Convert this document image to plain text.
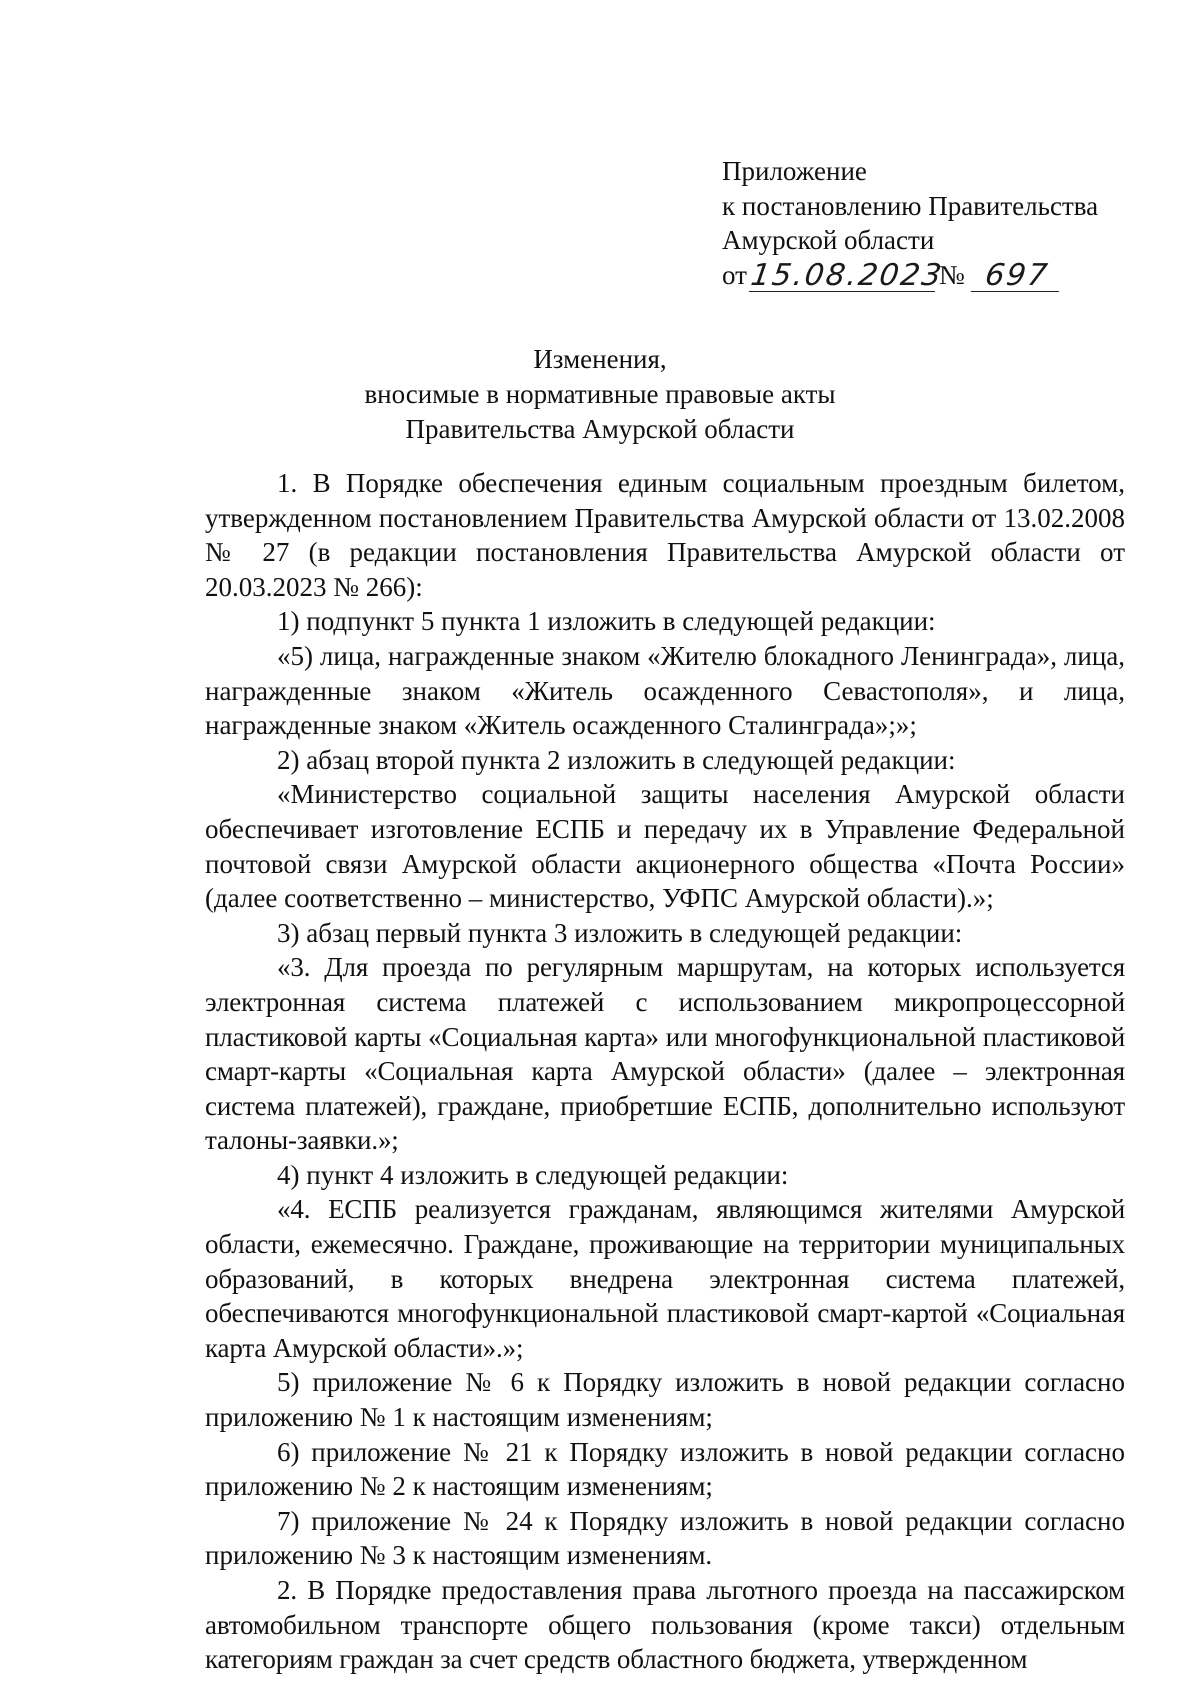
Приложение
к постановлению Правительства
Амурской области
от 15.08.2023
№ 697
Изменения,
вносимые в нормативные правовые акты
Правительства Амурской области

1. В Порядке обеспечения единым социальным проездным билетом, утвержденном постановлением Правительства Амурской области от 13.02.2008 № 27 (в редакции постановления Правительства Амурской области от 20.03.2023 № 266):

1) подпункт 5 пункта 1 изложить в следующей редакции:

«5) лица, награжденные знаком «Жителю блокадного Ленинграда», лица, награжденные знаком «Житель осажденного Севастополя», и лица, награжденные знаком «Житель осажденного Сталинграда»;»;

2) абзац второй пункта 2 изложить в следующей редакции:

«Министерство социальной защиты населения Амурской области обеспечивает изготовление ЕСПБ и передачу их в Управление Федеральной почтовой связи Амурской области акционерного общества «Почта России» (далее соответственно – министерство, УФПС Амурской области).»;

3) абзац первый пункта 3 изложить в следующей редакции:

«3. Для проезда по регулярным маршрутам, на которых используется электронная система платежей с использованием микропроцессорной пластиковой карты «Социальная карта» или многофункциональной пластиковой смарт-карты «Социальная карта Амурской области» (далее – электронная система платежей), граждане, приобретшие ЕСПБ, дополнительно используют талоны-заявки.»;

4) пункт 4 изложить в следующей редакции:

«4. ЕСПБ реализуется гражданам, являющимся жителями Амурской области, ежемесячно. Граждане, проживающие на территории муниципальных образований, в которых внедрена электронная система платежей, обеспечиваются многофункциональной пластиковой смарт-картой «Социальная карта Амурской области».»;

5) приложение № 6 к Порядку изложить в новой редакции согласно приложению № 1 к настоящим изменениям;

6) приложение № 21 к Порядку изложить в новой редакции согласно приложению № 2 к настоящим изменениям;

7) приложение № 24 к Порядку изложить в новой редакции согласно приложению № 3 к настоящим изменениям.

2. В Порядке предоставления права льготного проезда на пассажирском автомобильном транспорте общего пользования (кроме такси) отдельным категориям граждан за счет средств областного бюджета, утвержденном
